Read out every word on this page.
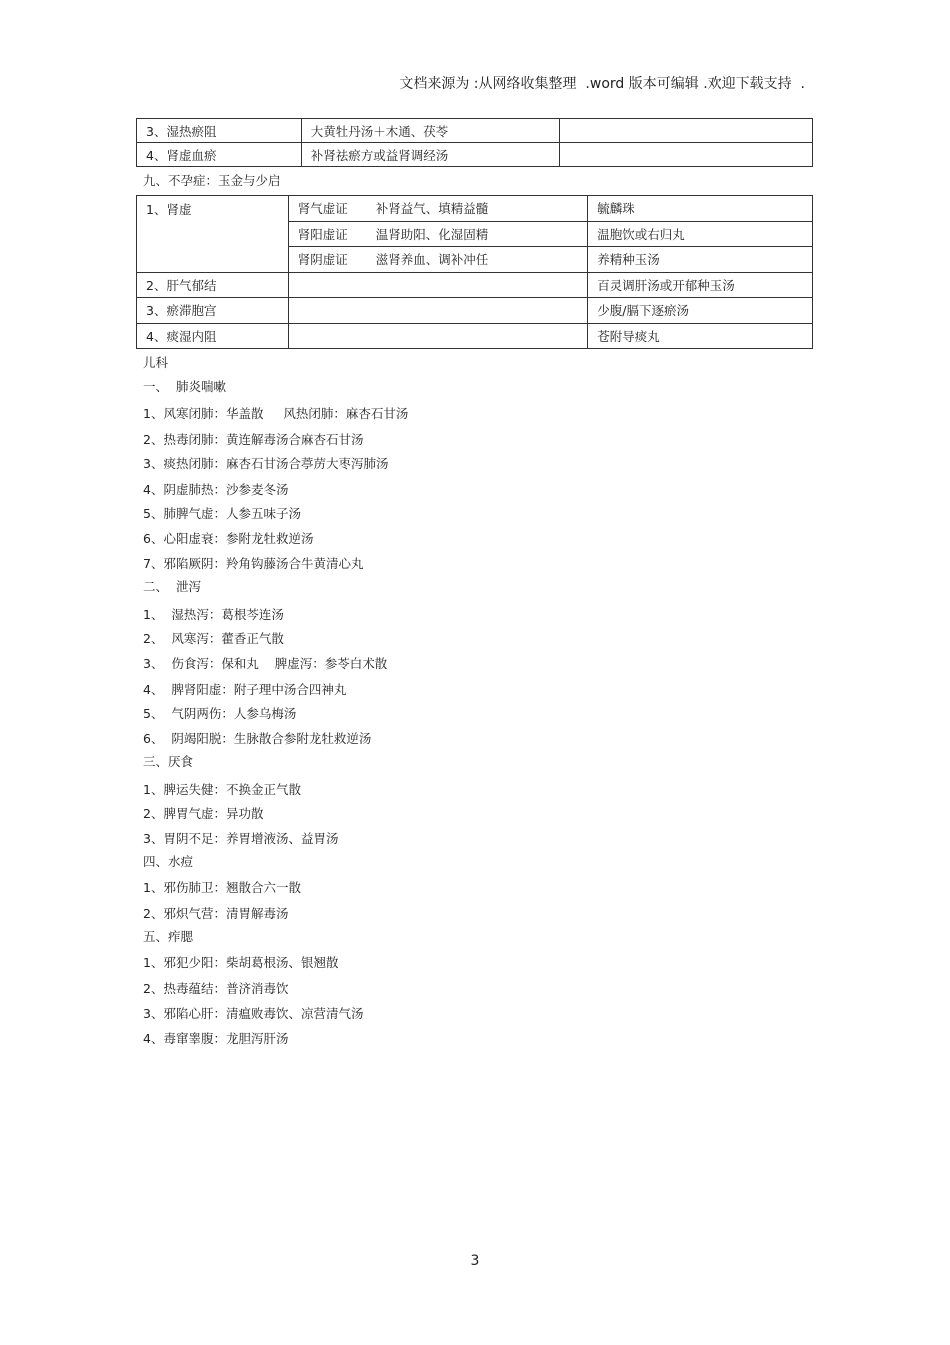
文档来源为 :从网络收集整理  .word 版本可编辑 .欢迎下载支持  .
3、湿热瘀阻	大黄牡丹汤＋木通、茯苓	
4、肾虚血瘀	补肾祛瘀方或益肾调经汤	
九、不孕症：玉金与少启
1、肾虚	肾气虚证 补肾益气、填精益髓	毓麟珠
	肾阳虚证 温肾助阳、化湿固精	温胞饮或右归丸
	肾阴虚证 滋肾养血、调补冲任	养精种玉汤
2、肝气郁结		百灵调肝汤或开郁种玉汤
3、瘀滞胞宫		少腹/膈下逐瘀汤
4、痰湿内阻		苍附导痰丸
儿科
一、  肺炎喘嗽
1、风寒闭肺：华盖散     风热闭肺：麻杏石甘汤
2、热毒闭肺：黄连解毒汤合麻杏石甘汤
3、痰热闭肺：麻杏石甘汤合葶苈大枣泻肺汤
4、阴虚肺热：沙参麦冬汤
5、肺脾气虚：人参五味子汤
6、心阳虚衰：参附龙牡救逆汤
7、邪陷厥阴：羚角钩藤汤合牛黄清心丸
二、  泄泻
1、  湿热泻：葛根芩连汤
2、  风寒泻：藿香正气散
3、  伤食泻：保和丸    脾虚泻：参苓白术散
4、  脾肾阳虚：附子理中汤合四神丸
5、  气阴两伤：人参乌梅汤
6、  阴竭阳脱：生脉散合参附龙牡救逆汤
三、厌食
1、脾运失健：不换金正气散
2、脾胃气虚：异功散
3、胃阴不足：养胃增液汤、益胃汤
四、水痘
1、邪伤肺卫：翘散合六一散
2、邪炽气营：清胃解毒汤
五、痄腮
1、邪犯少阳：柴胡葛根汤、银翘散
2、热毒蕴结：普济消毒饮
3、邪陷心肝：清瘟败毒饮、凉营清气汤
4、毒窜睾腹：龙胆泻肝汤
3
